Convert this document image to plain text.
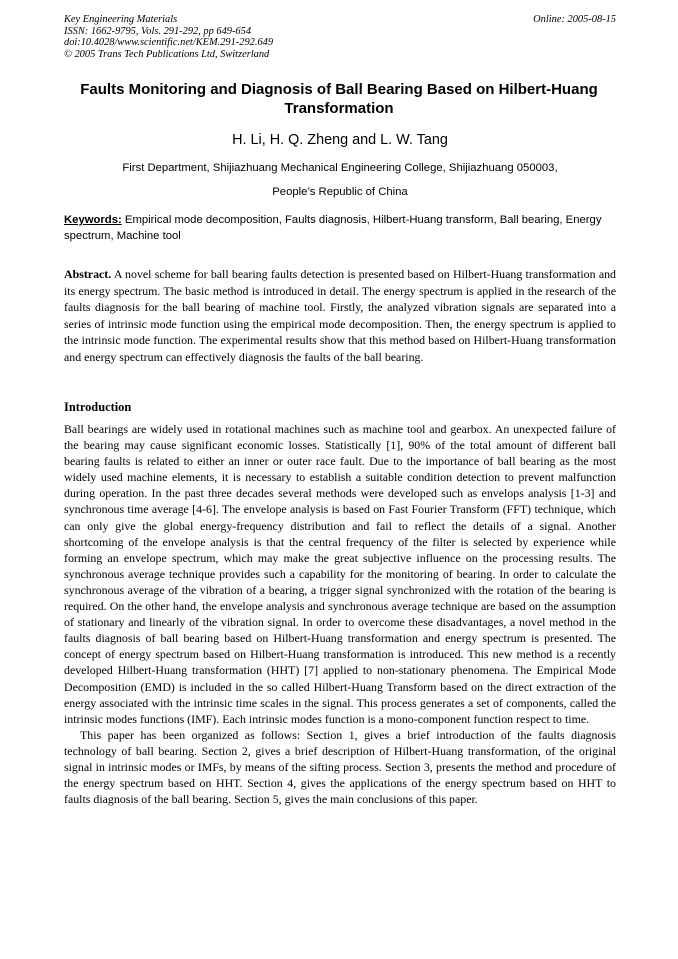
Key Engineering Materials
ISSN: 1662-9795, Vols. 291-292, pp 649-654
doi:10.4028/www.scientific.net/KEM.291-292.649
© 2005 Trans Tech Publications Ltd, Switzerland
Online: 2005-08-15
Faults Monitoring and Diagnosis of Ball Bearing Based on Hilbert-Huang Transformation
H. Li, H. Q. Zheng and L. W. Tang
First Department, Shijiazhuang Mechanical Engineering College, Shijiazhuang 050003,
People’s Republic of China
Keywords: Empirical mode decomposition, Faults diagnosis, Hilbert-Huang transform, Ball bearing, Energy spectrum, Machine tool

Abstract. A novel scheme for ball bearing faults detection is presented based on Hilbert-Huang transformation and its energy spectrum. The basic method is introduced in detail. The energy spectrum is applied in the research of the faults diagnosis for the ball bearing of machine tool. Firstly, the analyzed vibration signals are separated into a series of intrinsic mode function using the empirical mode decomposition. Then, the energy spectrum is applied to the intrinsic mode function. The experimental results show that this method based on Hilbert-Huang transformation and energy spectrum can effectively diagnosis the faults of the ball bearing.

Introduction

Ball bearings are widely used in rotational machines such as machine tool and gearbox. An unexpected failure of the bearing may cause significant economic losses. Statistically [1], 90% of the total amount of different ball bearing faults is related to either an inner or outer race fault. Due to the importance of ball bearing as the most widely used machine elements, it is necessary to establish a suitable condition detection to prevent malfunction during operation. In the past three decades several methods were developed such as envelops analysis [1-3] and synchronous time average [4-6]. The envelope analysis is based on Fast Fourier Transform (FFT) technique, which can only give the global energy-frequency distribution and fail to reflect the details of a signal. Another shortcoming of the envelope analysis is that the central frequency of the filter is selected by experience while forming an envelope spectrum, which may make the great subjective influence on the processing results. The synchronous average technique provides such a capability for the monitoring of bearing. In order to calculate the synchronous average of the vibration of a bearing, a trigger signal synchronized with the rotation of the bearing is required. On the other hand, the envelope analysis and synchronous average technique are based on the assumption of stationary and linearly of the vibration signal. In order to overcome these disadvantages, a novel method in the faults diagnosis of ball bearing based on Hilbert-Huang transformation and energy spectrum is presented. The concept of energy spectrum based on Hilbert-Huang transformation is introduced. This new method is a recently developed Hilbert-Huang transformation (HHT) [7] applied to non-stationary phenomena. The Empirical Mode Decomposition (EMD) is included in the so called Hilbert-Huang Transform based on the direct extraction of the energy associated with the intrinsic time scales in the signal. This process generates a set of components, called the intrinsic modes functions (IMF). Each intrinsic modes function is a mono-component function respect to time.

This paper has been organized as follows: Section 1, gives a brief introduction of the faults diagnosis technology of ball bearing. Section 2, gives a brief description of Hilbert-Huang transformation, of the original signal in intrinsic modes or IMFs, by means of the sifting process. Section 3, presents the method and procedure of the energy spectrum based on HHT. Section 4, gives the applications of the energy spectrum based on HHT to faults diagnosis of the ball bearing. Section 5, gives the main conclusions of this paper.
